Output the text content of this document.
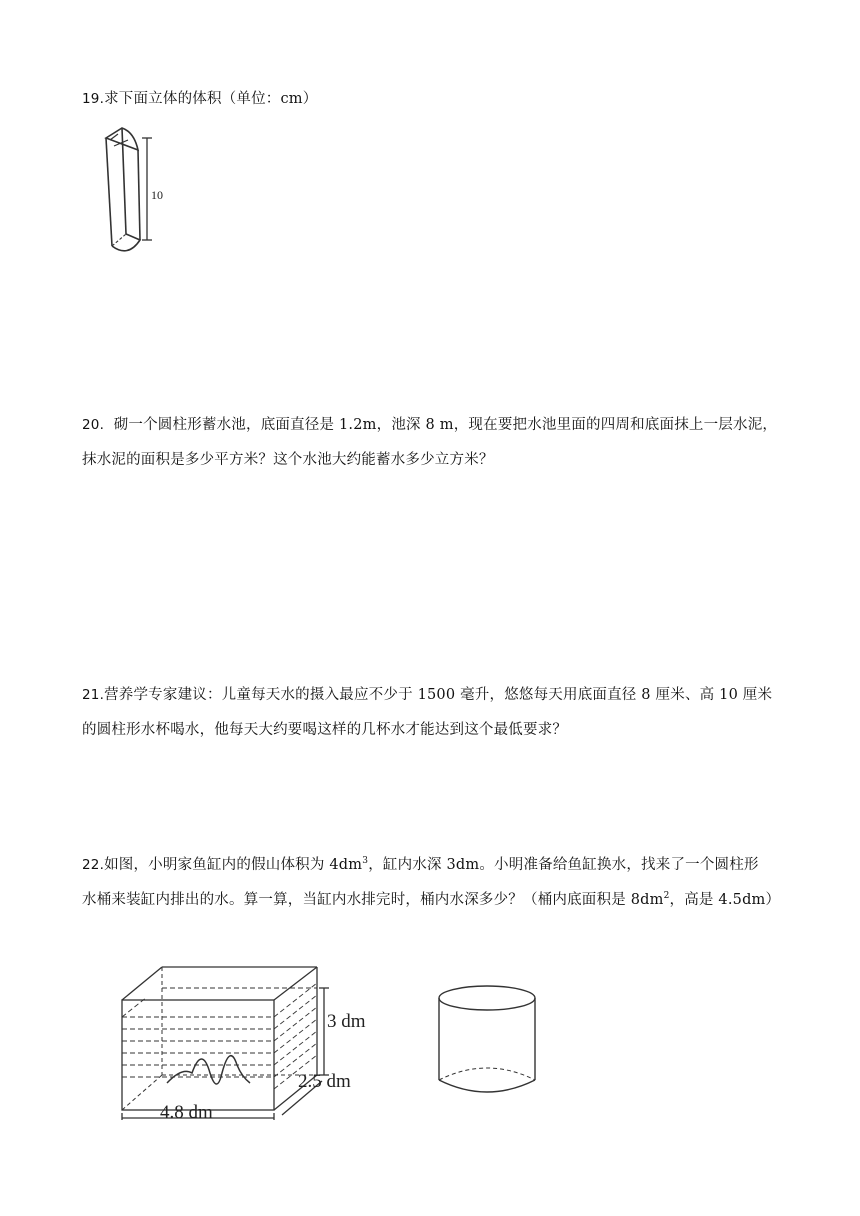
19.求下面立体的体积（单位：cm）
10
20. 砌一个圆柱形蓄水池，底面直径是 1.2m，池深 8 m，现在要把水池里面的四周和底面抹上一层水泥，
抹水泥的面积是多少平方米？这个水池大约能蓄水多少立方米？
21.营养学专家建议：儿童每天水的摄入最应不少于 1500 毫升，悠悠每天用底面直径 8 厘米、高 10 厘米
的圆柱形水杯喝水，他每天大约要喝这样的几杯水才能达到这个最低要求？
22.如图，小明家鱼缸内的假山体积为 $4dm^3$，缸内水深 3dm。小明准备给鱼缸换水，找来了一个圆柱形
水桶来装缸内排出的水。算一算，当缸内水排完时，桶内水深多少？（桶内底面积是 $8dm^2$，高是 4.5dm）
3 dm
2.5 dm
4.8 dm
